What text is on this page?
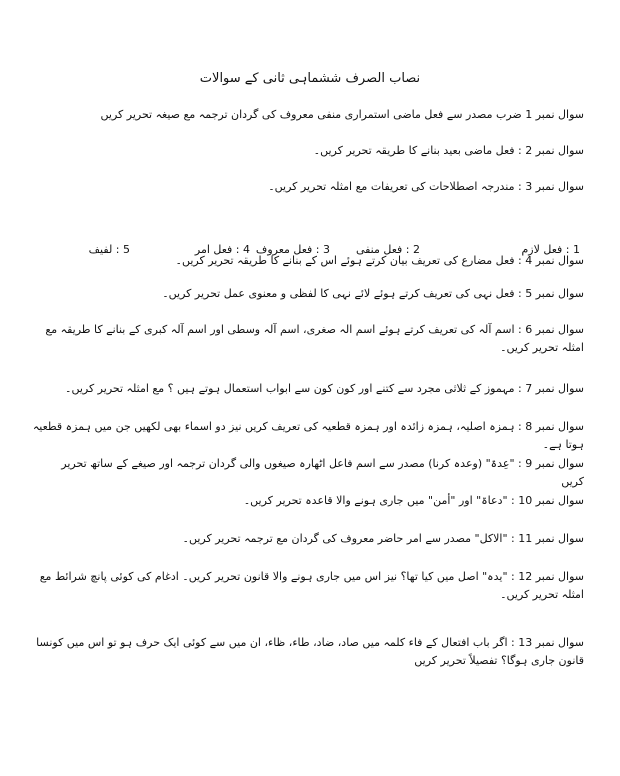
نصاب الصرف ششماہی ثانی کے سوالات
سوال نمبر 1 ضرب مصدر سے فعل ماضی استمراری منفی معروف کی گردان ترجمہ مع صیغہ تحریر کریں
سوال نمبر 2 : فعل ماضی بعید بنانے کا طریقہ تحریر کریں۔
سوال نمبر 3 : مندرجہ اصطلاحات کی تعریفات مع امثلہ تحریر کریں۔
1 : فعل لازم
2 : فعل منفی
3 : فعل معروف
4 : فعل امر
5 : لفیف
سوال نمبر 4 : فعل مضارع کی تعریف بیان کرتے ہوئے اس کے بنانے کا طریقہ تحریر کریں۔
سوال نمبر 5 : فعل نہی کی تعریف کرتے ہوئے لائے نہی کا لفظی و معنوی عمل تحریر کریں۔
سوال نمبر 6 : اسم آلہ کی تعریف کرتے ہوئے اسم الہ صغری، اسم آلہ وسطی اور اسم آلہ کبری کے بنانے کا طریقہ مع امثلہ تحریر کریں۔
سوال نمبر 7 : مہموز کے ثلاثی مجرد سے کتنے اور کون کون سے ابواب استعمال ہوتے ہیں ؟ مع امثلہ تحریر کریں۔
سوال نمبر 8 : ہمزہ اصلیہ، ہمزہ زائدہ اور ہمزہ قطعیہ کی تعریف کریں نیز دو اسماء بھی لکھیں جن میں ہمزہ قطعیہ ہوتا ہے۔
سوال نمبر 9 : "عِدۃ" (وعدہ کرنا) مصدر سے اسم فاعل اٹھارہ صیغوں والی گردان ترجمہ اور صیغے کے ساتھ تحریر کریں
سوال نمبر 10 : "دعاۃ" اور "أمن" میں جاری ہونے والا قاعدہ تحریر کریں۔
سوال نمبر 11 : "الاکل" مصدر سے امر حاضر معروف کی گردان مع ترجمہ تحریر کریں۔
سوال نمبر 12 : "یدہ" اصل میں کیا تھا؟ نیز اس میں جاری ہونے والا قانون تحریر کریں۔ ادغام کی کوئی پانچ شرائط مع امثلہ تحریر کریں۔
سوال نمبر 13 : اگر باب افتعال کے فاء کلمہ میں صاد، ضاد، طاء، ظاء، ان میں سے کوئی ایک حرف ہو تو اس میں کونسا قانون جاری ہوگا؟ تفصیلاً تحریر کریں
